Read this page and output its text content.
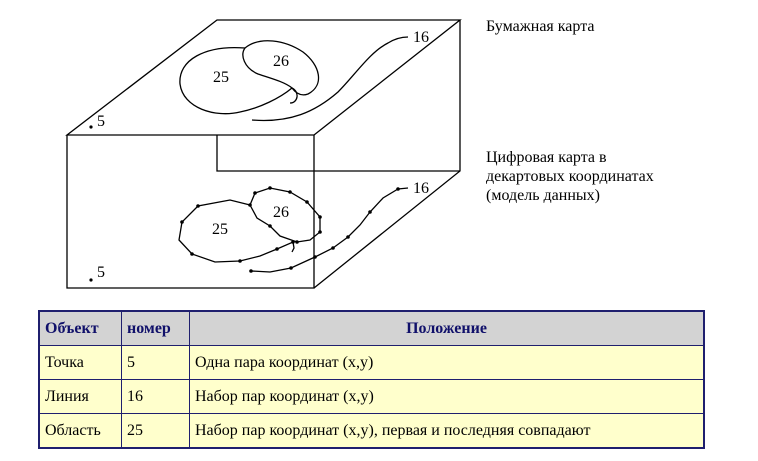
5
16
25
26
5
16
25
26
Бумажная карта
Цифровая карта в
декартовых координатах
(модель данных)
Объект	номер	Положение
Точка	5	Одна пара координат (x,y)
Линия	16	Набор пар координат (x,y)
Область	25	Набор пар координат (x,y), первая и последняя совпадают
